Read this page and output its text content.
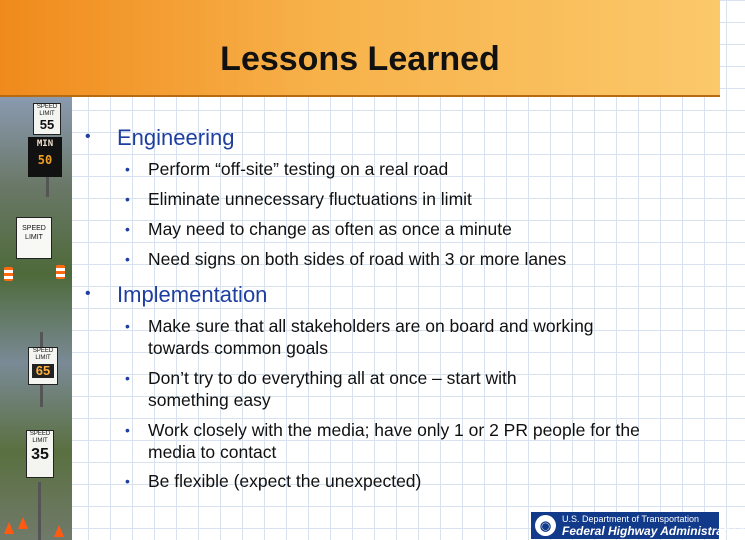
Lessons Learned
SPEED LIMIT
55
MIN
50
SPEED LIMIT
SPEED LIMIT
65
SPEED LIMIT
35
• Engineering
• Perform “off-site” testing on a real road
• Eliminate unnecessary fluctuations in limit
• May need to change as often as once a minute
• Need signs on both sides of road with 3 or more lanes
• Implementation
• Make sure that all stakeholders are on board and working towards common goals
• Don’t try to do everything all at once – start with something easy
• Work closely with the media; have only 1 or 2 PR people for the media to contact
• Be flexible (expect the unexpected)
◉	U.S. Department of Transportation
Federal Highway Administration
